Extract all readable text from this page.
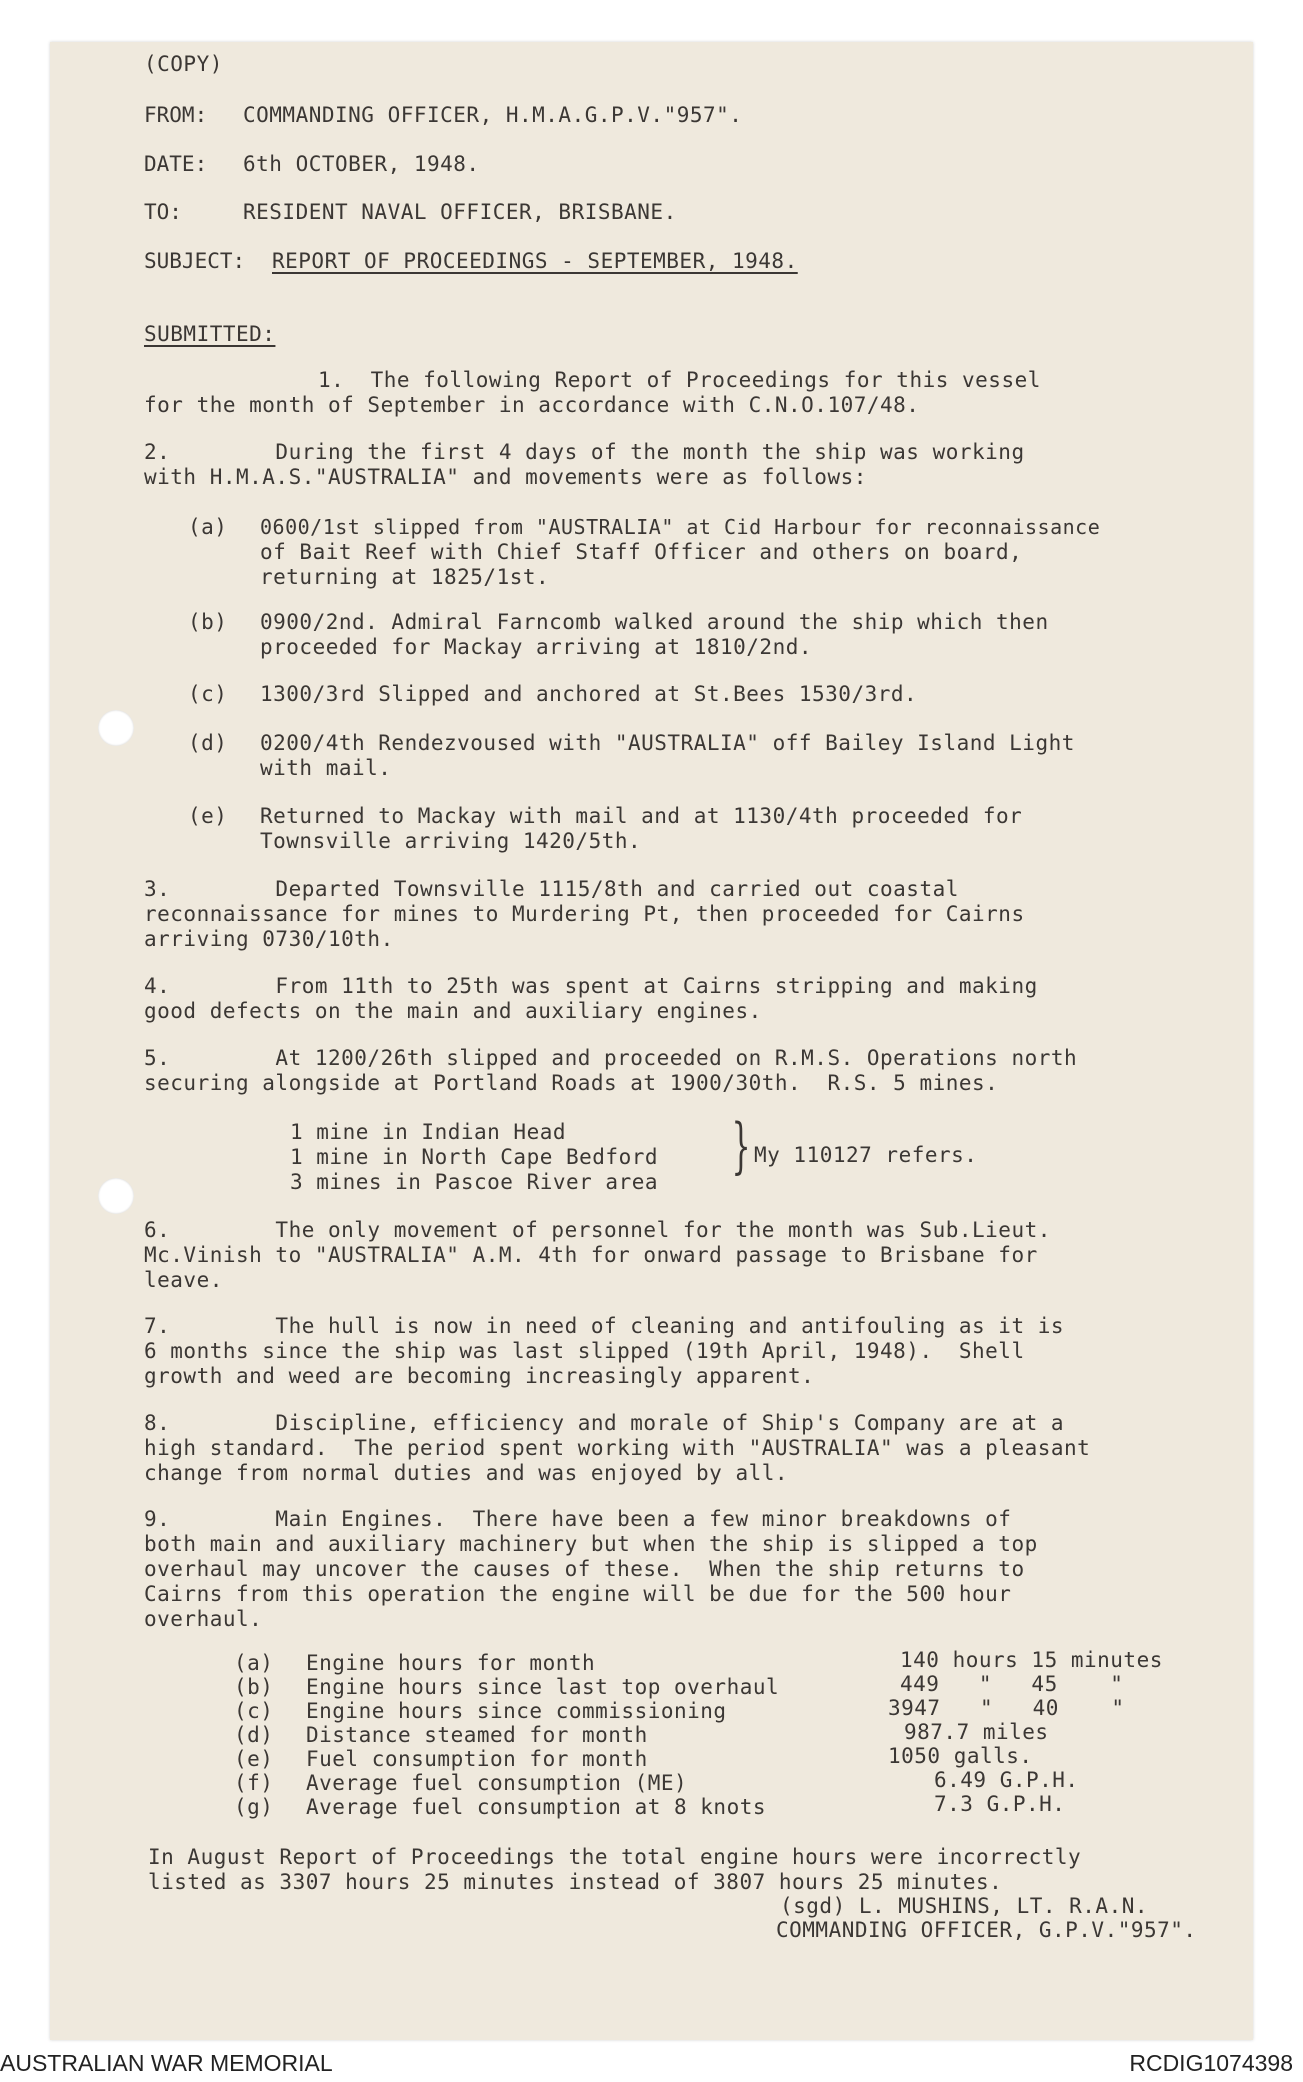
(COPY)
FROM: COMMANDING OFFICER, H.M.A.G.P.V."957".
DATE: 6th OCTOBER, 1948.
TO:	RESIDENT NAVAL OFFICER, BRISBANE.
SUBJECT: REPORT OF PROCEEDINGS - SEPTEMBER, 1948.
SUBMITTED:
1.  The following Report of Proceedings for this vessel
for the month of September in accordance with C.N.O.107/48.
2.        During the first 4 days of the month the ship was working
with H.M.A.S."AUSTRALIA" and movements were as follows:
(a) 0600/1st slipped from "AUSTRALIA" at Cid Harbour for reconnaissance
of Bait Reef with Chief Staff Officer and others on board,
returning at 1825/1st.
(b) 0900/2nd. Admiral Farncomb walked around the ship which then
proceeded for Mackay arriving at 1810/2nd.
(c) 1300/3rd Slipped and anchored at St.Bees 1530/3rd.
(d) 0200/4th Rendezvoused with "AUSTRALIA" off Bailey Island Light
with mail.
(e) Returned to Mackay with mail and at 1130/4th proceeded for
Townsville arriving 1420/5th.
3.        Departed Townsville 1115/8th and carried out coastal
reconnaissance for mines to Murdering Pt, then proceeded for Cairns
arriving 0730/10th.
4.        From 11th to 25th was spent at Cairns stripping and making
good defects on the main and auxiliary engines.
5.        At 1200/26th slipped and proceeded on R.M.S. Operations north
securing alongside at Portland Roads at 1900/30th.  R.S. 5 mines.
1 mine in Indian Head
1 mine in North Cape Bedford
3 mines in Pascoe River area
} My 110127 refers.
6.        The only movement of personnel for the month was Sub.Lieut.
Mc.Vinish to "AUSTRALIA" A.M. 4th for onward passage to Brisbane for
leave.
7.        The hull is now in need of cleaning and antifouling as it is
6 months since the ship was last slipped (19th April, 1948).  Shell
growth and weed are becoming increasingly apparent.
8.        Discipline, efficiency and morale of Ship's Company are at a
high standard.  The period spent working with "AUSTRALIA" was a pleasant
change from normal duties and was enjoyed by all.
9.        Main Engines.  There have been a few minor breakdowns of
both main and auxiliary machinery but when the ship is slipped a top
overhaul may uncover the causes of these.  When the ship returns to
Cairns from this operation the engine will be due for the 500 hour
overhaul.
(a) Engine hours for month	140 hours 15 minutes
(b) Engine hours since last top overhaul	449   "   45    "
(c) Engine hours since commissioning	3947   "   40    "
(d) Distance steamed for month	987.7 miles
(e) Fuel consumption for month	1050 galls.
(f) Average fuel consumption (ME)	6.49 G.P.H.
(g) Average fuel consumption at 8 knots	7.3 G.P.H.
In August Report of Proceedings the total engine hours were incorrectly
listed as 3307 hours 25 minutes instead of 3807 hours 25 minutes.
(sgd) L. MUSHINS, LT. R.A.N.
COMMANDING OFFICER, G.P.V."957".
AUSTRALIAN WAR MEMORIAL	RCDIG1074398
